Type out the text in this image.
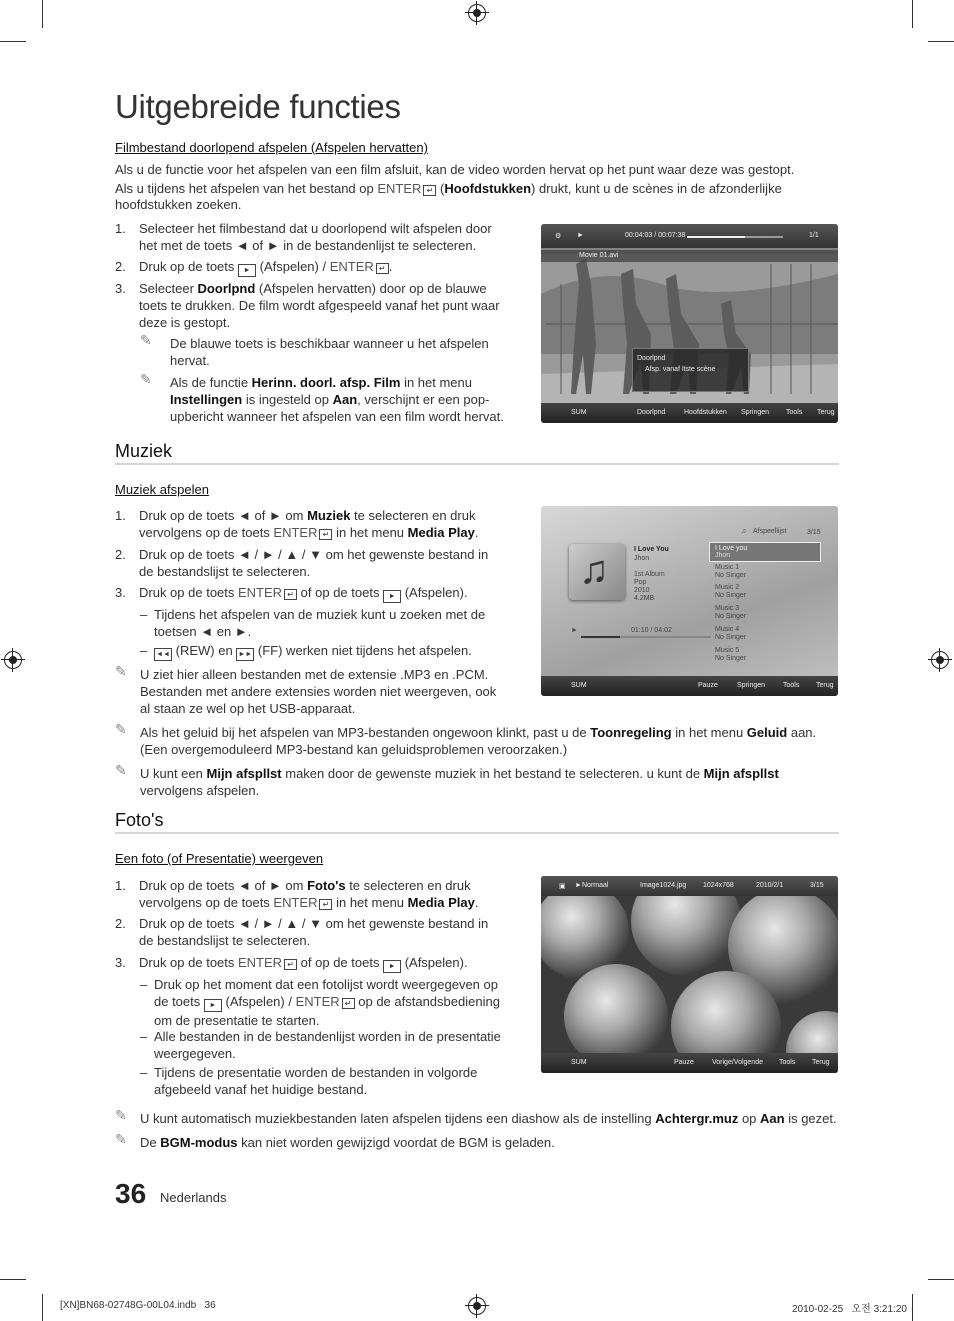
Uitgebreide functies
Filmbestand doorlopend afspelen (Afspelen hervatten)
Als u de functie voor het afspelen van een film afsluit, kan de video worden hervat op het punt waar deze was gestopt.
Als u tijdens het afspelen van het bestand op ENTER ↵ (Hoofdstukken) drukt, kunt u de scènes in de afzonderlijke
hoofdstukken zoeken.
1. Selecteer het filmbestand dat u doorlopend wilt afspelen door
het met de toets ◄ of ► in de bestandenlijst te selecteren.
2. Druk op de toets ► (Afspelen) / ENTER ↵ .
3. Selecteer Doorlpnd (Afspelen hervatten) door op de blauwe
toets te drukken. De film wordt afgespeeld vanaf het punt waar
deze is gestopt.
✎ De blauwe toets is beschikbaar wanneer u het afspelen
hervat.
✎ Als de functie Herinn. doorl. afsp. Film in het menu
Instellingen is ingesteld op Aan, verschijnt er een pop-
upbericht wanneer het afspelen van een film wordt hervat.
⚙ ►	00:04:03 / 00:07:38	1/1
Movie 01.avi
Doorlpnd
Afsp. vanaf ltste scène
SUM	Doorlpnd	Hoofdstukken Springen Tools Terug
Muziek
Muziek afspelen
1. Druk op de toets ◄ of ► om Muziek te selecteren en druk
vervolgens op de toets ENTER ↵ in het menu Media Play.
2. Druk op de toets ◄ / ► / ▲ / ▼ om het gewenste bestand in
de bestandslijst te selecteren.
3. Druk op de toets ENTER ↵ of op de toets ► (Afspelen).
– Tijdens het afspelen van de muziek kunt u zoeken met de
toetsen ◄ en ►.
– ◄◄ (REW) en ►► (FF) werken niet tijdens het afspelen.
✎ U ziet hier alleen bestanden met de extensie .MP3 en .PCM.
Bestanden met andere extensies worden niet weergeven, ook
al staan ze wel op het USB-apparaat.
✎ Als het geluid bij het afspelen van MP3-bestanden ongewoon klinkt, past u de Toonregeling in het menu Geluid aan.
(Een overgemoduleerd MP3-bestand kan geluidsproblemen veroorzaken.)
✎ U kunt een Mijn afspllst maken door de gewenste muziek in het bestand te selecteren. u kunt de Mijn afspllst
vervolgens afspelen.
♫ Afspeellijst	3/15
♫	I Love You
Jhon
1st Album
Pop
2010
4.2MB
►	01:10 / 04:02
I Love you
Jhon
Music 1
No Singer
Music 2
No Singer
Music 3
No Singer
Music 4
No Singer
Music 5
No Singer
SUM	Pauze	Springen	Tools Terug
Foto's
Een foto (of Presentatie) weergeven
1. Druk op de toets ◄ of ► om Foto's te selecteren en druk
vervolgens op de toets ENTER ↵ in het menu Media Play.
2. Druk op de toets ◄ / ► / ▲ / ▼ om het gewenste bestand in
de bestandslijst te selecteren.
3. Druk op de toets ENTER ↵ of op de toets ► (Afspelen).
– Druk op het moment dat een fotolijst wordt weergegeven op
de toets ► (Afspelen) / ENTER ↵ op de afstandsbediening
om de presentatie te starten.
– Alle bestanden in de bestandenlijst worden in de presentatie
weergegeven.
– Tijdens de presentatie worden de bestanden in volgorde
afgebeeld vanaf het huidige bestand.
▣ ► Normaal	Image1024.jpg 1024x768	2010/2/1	3/15
SUM	Pauze	Vorige/Volgende Tools Terug
✎ U kunt automatisch muziekbestanden laten afspelen tijdens een diashow als de instelling Achtergr.muz op Aan is gezet.
✎ De BGM-modus kan niet worden gewijzigd voordat de BGM is geladen.
36 Nederlands
[XN]BN68-02748G-00L04.indb   36	2010-02-25   오전 3:21:20
